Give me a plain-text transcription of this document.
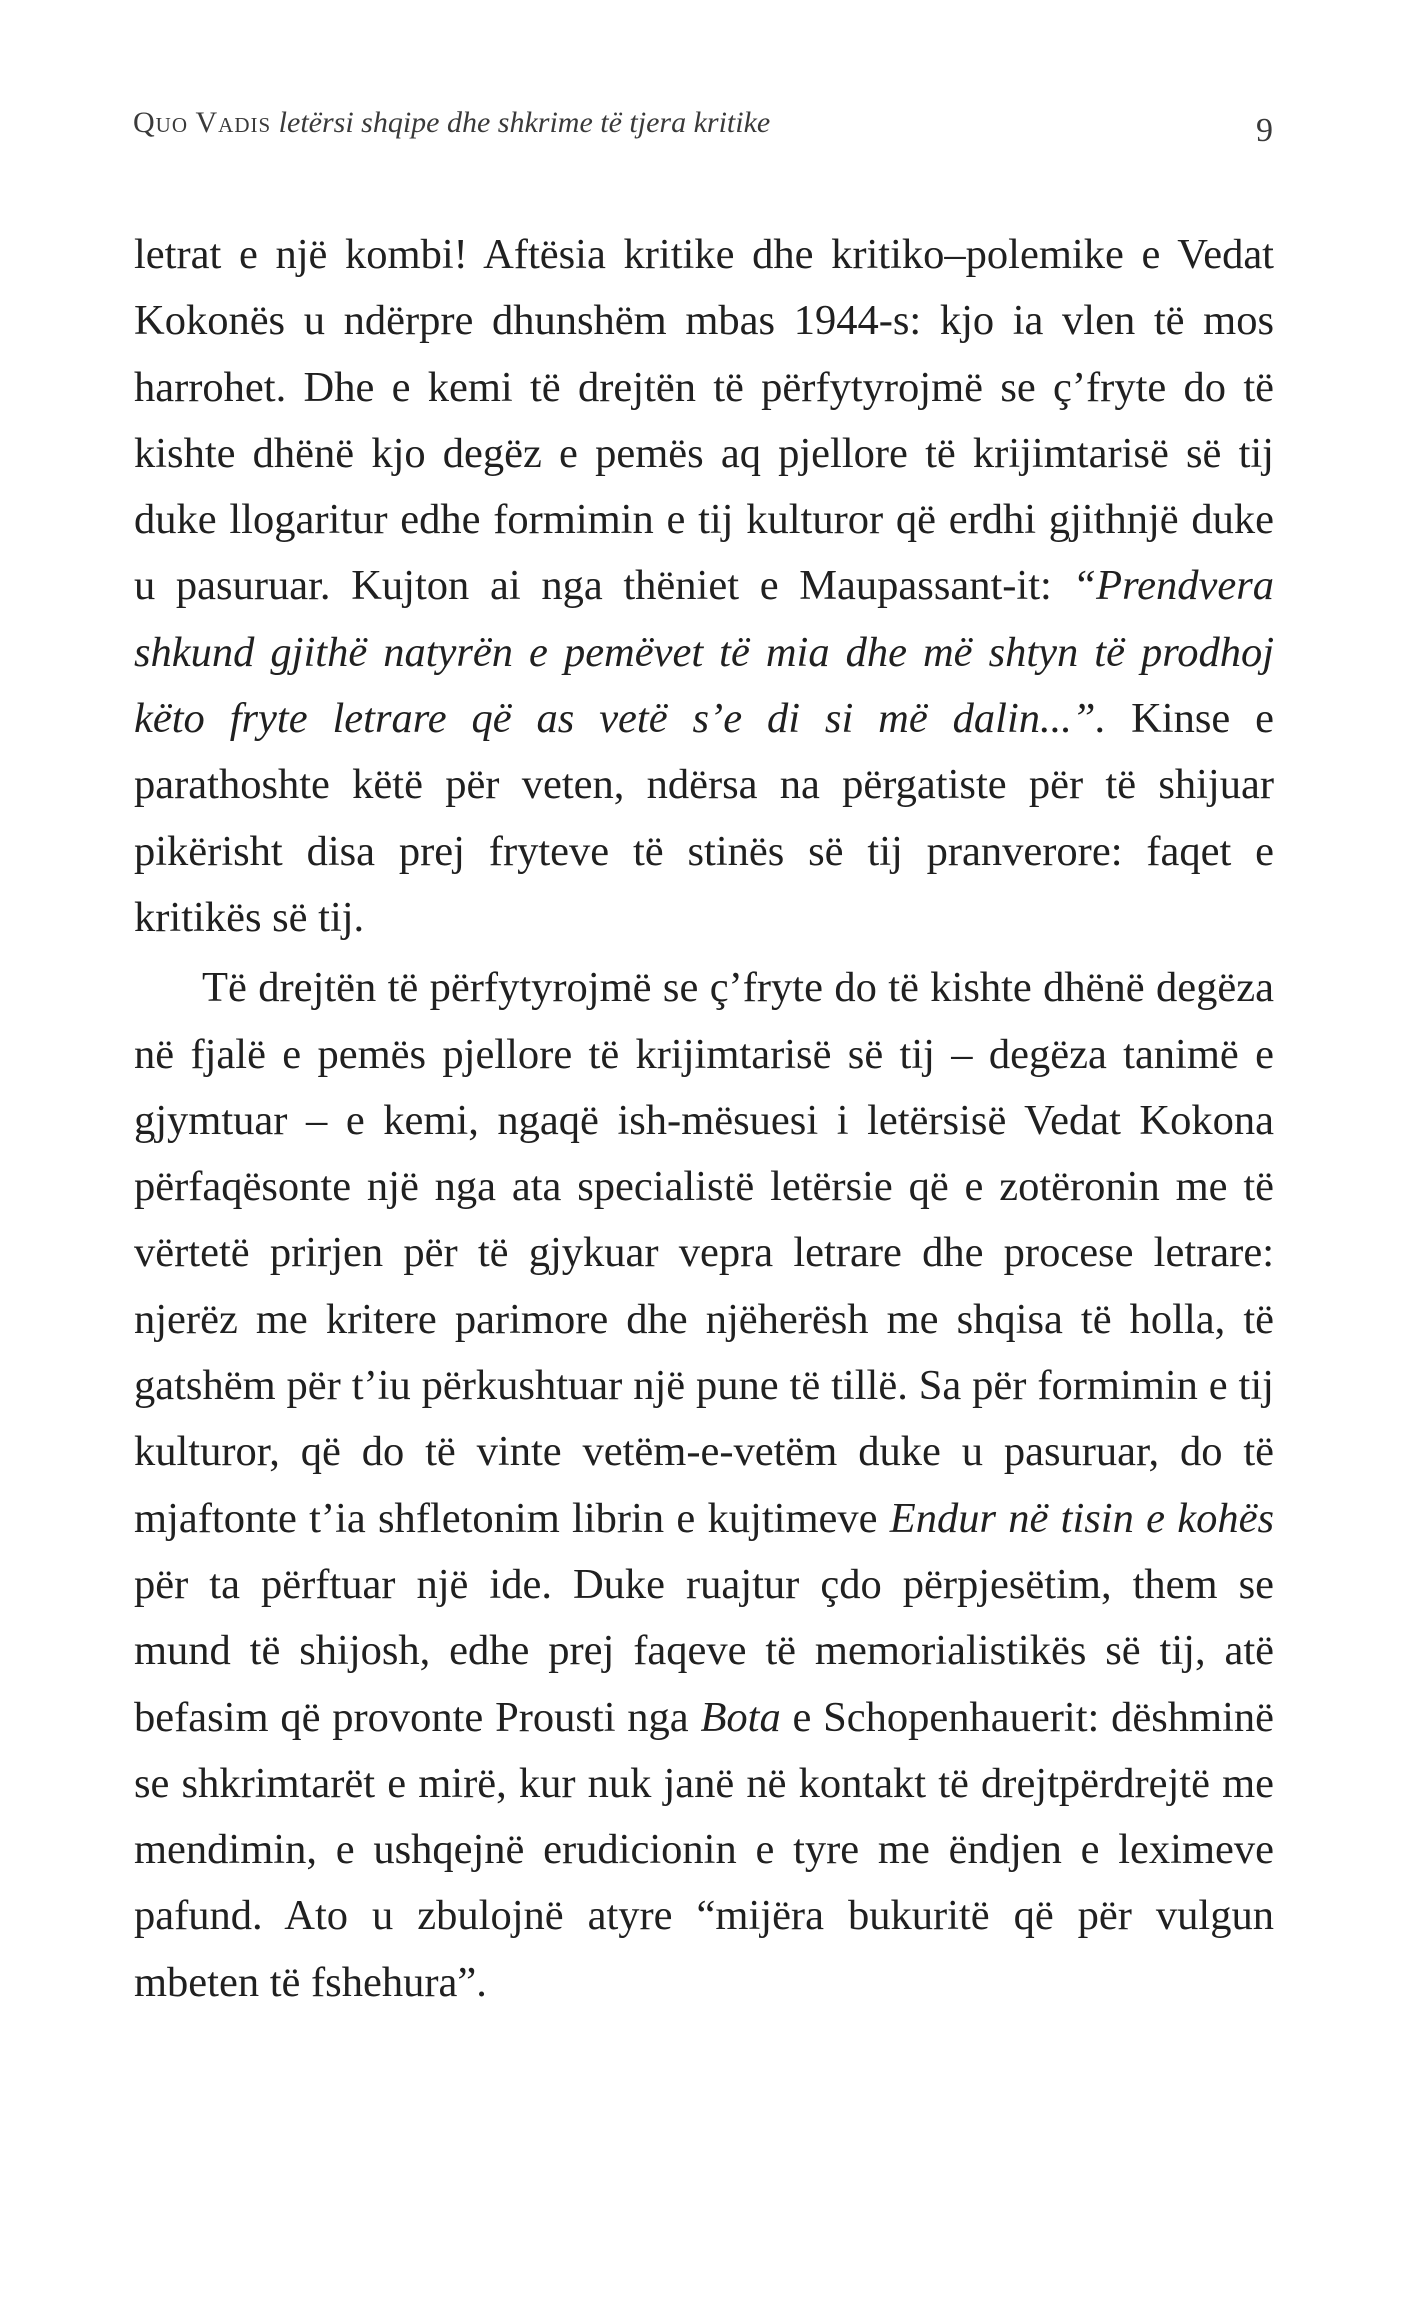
Quo Vadis letërsi shqipe dhe shkrime të tjera kritike	9

letrat e një kombi! Aftësia kritike dhe kritiko–polemike e Vedat Kokonës u ndërpre dhunshëm mbas 1944-s: kjo ia vlen të mos harrohet. Dhe e kemi të drejtën të përfytyrojmë se ç’fryte do të kishte dhënë kjo degëz e pemës aq pjellore të krijimtarisë së tij duke llogaritur edhe formimin e tij kulturor që erdhi gjithnjë duke u pasuruar. Kujton ai nga thëniet e Maupassant-it: “Prendvera shkund gjithë natyrën e pemëvet të mia dhe më shtyn të prodhoj këto fryte letrare që as vetë s’e di si më dalin...”. Kinse e parathoshte këtë për veten, ndërsa na përgatiste për të shijuar pikërisht disa prej fryteve të stinës së tij pranverore: faqet e kritikës së tij.

Të drejtën të përfytyrojmë se ç’fryte do të kishte dhënë degëza në fjalë e pemës pjellore të krijimtarisë së tij – degëza tanimë e gjymtuar – e kemi, ngaqë ish-mësuesi i letërsisë Vedat Kokona përfaqësonte një nga ata specialistë letërsie që e zotëronin me të vërtetë prirjen për të gjykuar vepra letrare dhe procese letrare: njerëz me kritere parimore dhe njëherësh me shqisa të holla, të gatshëm për t’iu përkushtuar një pune të tillë. Sa për formimin e tij kulturor, që do të vinte vetëm-e-vetëm duke u pasuruar, do të mjaftonte t’ia shfletonim librin e kujtimeve Endur në tisin e kohës për ta përftuar një ide. Duke ruajtur çdo përpjesëtim, them se mund të shijosh, edhe prej faqeve të memorialistikës së tij, atë befasim që provonte Prousti nga Bota e Schopenhauerit: dëshminë se shkrimtarët e mirë, kur nuk janë në kontakt të drejtpërdrejtë me mendimin, e ushqejnë erudicionin e tyre me ëndjen e leximeve pafund. Ato u zbulojnë atyre “mijëra bukuritë që për vulgun mbeten të fshehura”.
